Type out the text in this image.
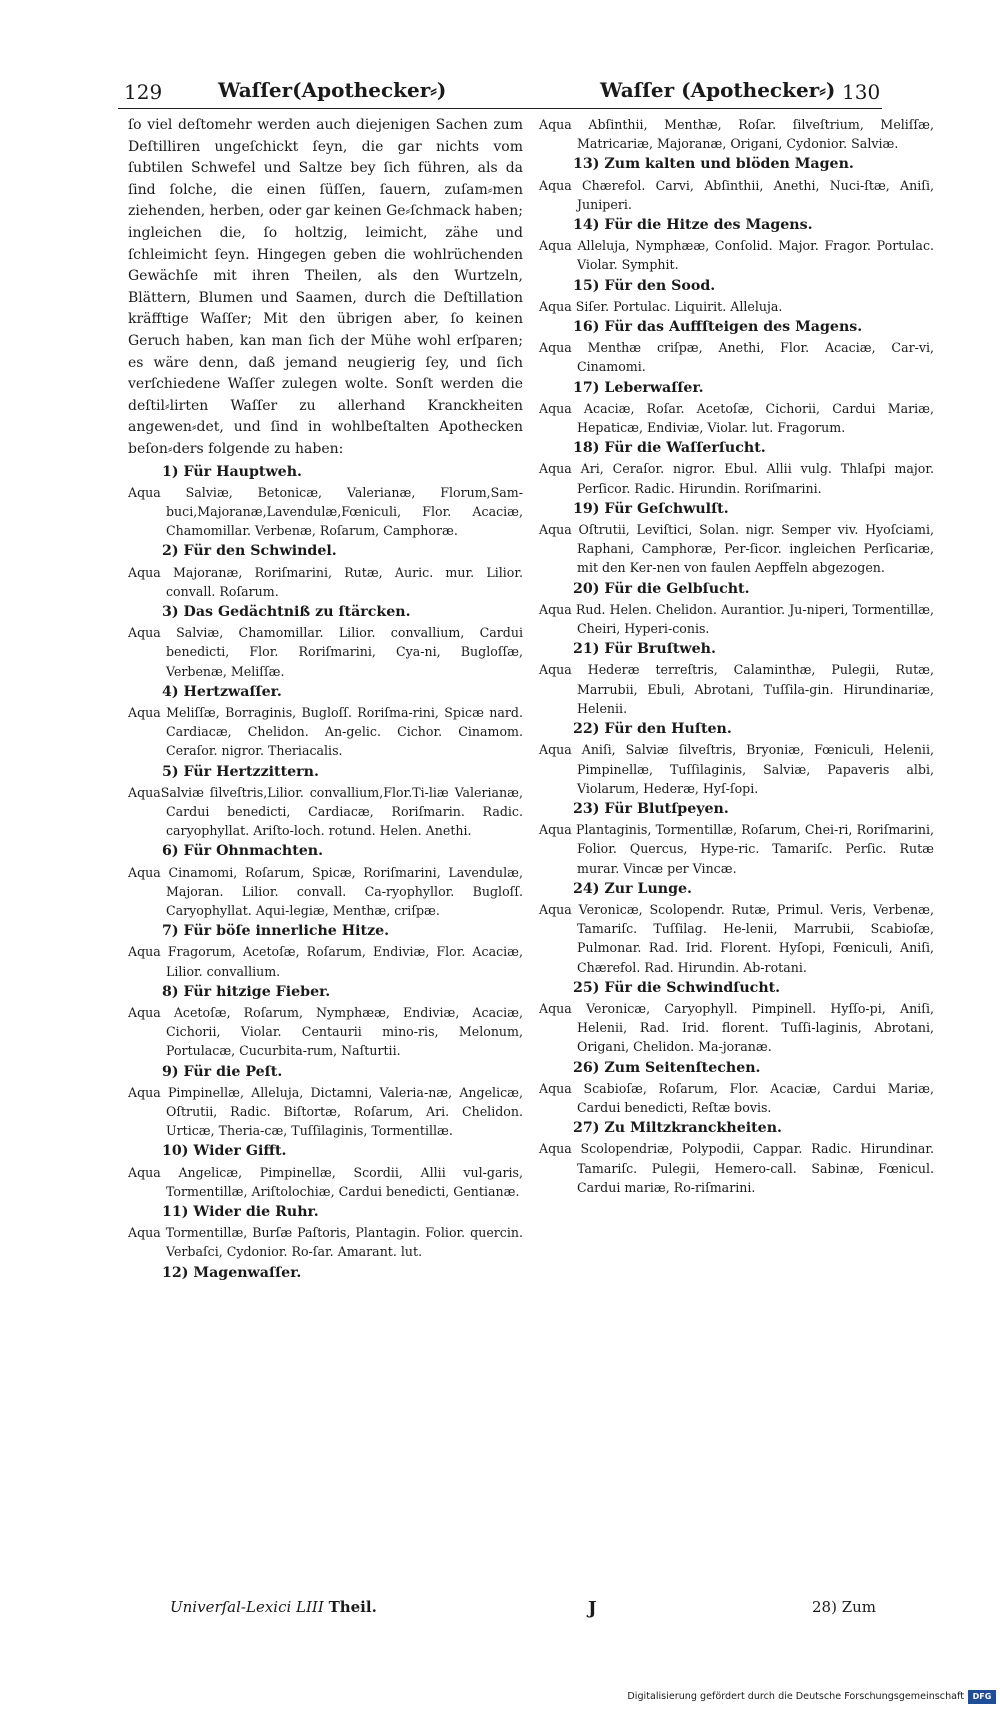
129	Waſſer(Apothecker⸗)	Waſſer (Apothecker⸗) 130

ſo viel deſtomehr werden auch diejenigen Sachen zum Deſtilliren ungeſchickt ſeyn, die gar nichts vom ſubtilen Schwefel und Saltze bey ſich führen, als da ſind ſolche, die einen ſüſſen, ſauern, zuſam⸗men ziehenden, herben, oder gar keinen Ge⸗ſchmack haben; ingleichen die, ſo holtzig, leimicht, zähe und ſchleimicht ſeyn. Hingegen geben die wohlrüchenden Gewächſe mit ihren Theilen, als den Wurtzeln, Blättern, Blumen und Saamen, durch die Deſtillation kräfftige Waſſer; Mit den übrigen aber, ſo keinen Geruch haben, kan man ſich der Mühe wohl erſparen; es wäre denn, daß jemand neugierig ſey, und ſich verſchiedene Waſſer zulegen wolte. Sonſt werden die deſtil⸗lirten Waſſer zu allerhand Kranckheiten angewen⸗det, und ſind in wohlbeſtalten Apothecken beſon⸗ders folgende zu haben:

1) Für Hauptweh.
Aqua Salviæ, Betonicæ, Valerianæ, Florum,Sam-buci,Majoranæ,Lavendulæ,Fœniculi, Flor. Acaciæ, Chamomillar. Verbenæ, Roſarum, Camphoræ.
2) Für den Schwindel.
Aqua Majoranæ, Roriſmarini, Rutæ, Auric. mur. Lilior. convall. Roſarum.
3) Das Gedächtniß zu ſtärcken.
Aqua Salviæ, Chamomillar. Lilior. convallium, Cardui benedicti, Flor. Roriſmarini, Cya-ni, Bugloſſæ, Verbenæ, Meliſſæ.
4) Hertzwaſſer.
Aqua Meliſſæ, Borraginis, Bugloſſ. Roriſma-rini, Spicæ nard. Cardiacæ, Chelidon. An-gelic. Cichor. Cinamom. Ceraſor. nigror. Theriacalis.
5) Für Hertzzittern.
AquaSalviæ ſilveſtris,Lilior. convallium,Flor.Ti-liæ Valerianæ, Cardui benedicti, Cardiacæ, Roriſmarin. Radic. caryophyllat. Ariſto-loch. rotund. Helen. Anethi.
6) Für Ohnmachten.
Aqua Cinamomi, Roſarum, Spicæ, Roriſmarini, Lavendulæ, Majoran. Lilior. convall. Ca-ryophyllor. Bugloſſ. Caryophyllat. Aqui-legiæ, Menthæ, criſpæ.
7) Für böſe innerliche Hitze.
Aqua Fragorum, Acetoſæ, Roſarum, Endiviæ, Flor. Acaciæ, Lilior. convallium.
8) Für hitzige Fieber.
Aqua Acetoſæ, Roſarum, Nymphææ, Endiviæ, Acaciæ, Cichorii, Violar. Centaurii mino-ris, Melonum, Portulacæ, Cucurbita-rum, Naſturtii.
9) Für die Peſt.
Aqua Pimpinellæ, Alleluja, Dictamni, Valeria-næ, Angelicæ, Oſtrutii, Radic. Biſtortæ, Roſarum, Ari. Chelidon. Urticæ, Theria-cæ, Tuſſilaginis, Tormentillæ.
10) Wider Gifft.
Aqua Angelicæ, Pimpinellæ, Scordii, Allii vul-garis, Tormentillæ, Ariſtolochiæ, Cardui benedicti, Gentianæ.
11) Wider die Ruhr.
Aqua Tormentillæ, Burſæ Paſtoris, Plantagin. Folior. quercin. Verbaſci, Cydonior. Ro-ſar. Amarant. lut.
12) Magenwaſſer.
Aqua Abſinthii, Menthæ, Roſar. ſilveſtrium, Meliſſæ, Matricariæ, Majoranæ, Origani, Cydonior. Salviæ.
13) Zum kalten und blöden Magen.
Aqua Chærefol. Carvi, Abſinthii, Anethi, Nuci-ſtæ, Aniſi, Juniperi.
14) Für die Hitze des Magens.
Aqua Alleluja, Nymphææ, Conſolid. Major. Fragor. Portulac. Violar. Symphit.
15) Für den Sood.
Aqua Siſer. Portulac. Liquirit. Alleluja.
16) Für das Auffſteigen des Magens.
Aqua Menthæ criſpæ, Anethi, Flor. Acaciæ, Car-vi, Cinamomi.
17) Leberwaſſer.
Aqua Acaciæ, Roſar. Acetoſæ, Cichorii, Cardui Mariæ, Hepaticæ, Endiviæ, Violar. lut. Fragorum.
18) Für die Waſſerſucht.
Aqua Ari, Ceraſor. nigror. Ebul. Allii vulg. Thlaſpi major. Perſicor. Radic. Hirundin. Roriſmarini.
19) Für Geſchwulſt.
Aqua Oſtrutii, Leviſtici, Solan. nigr. Semper viv. Hyoſciami, Raphani, Camphoræ, Per-ſicor. ingleichen Perſicariæ, mit den Ker-nen von faulen Aepffeln abgezogen.
20) Für die Gelbſucht.
Aqua Rud. Helen. Chelidon. Aurantior. Ju-niperi, Tormentillæ, Cheiri, Hyperi-conis.
21) Für Bruſtweh.
Aqua Hederæ terreſtris, Calaminthæ, Pulegii, Rutæ, Marrubii, Ebuli, Abrotani, Tuſſila-gin. Hirundinariæ, Helenii.
22) Für den Huſten.
Aqua Aniſi, Salviæ ſilveſtris, Bryoniæ, Fœniculi, Helenii, Pimpinellæ, Tuſſilaginis, Salviæ, Papaveris albi, Violarum, Hederæ, Hyſ-ſopi.
23) Für Blutſpeyen.
Aqua Plantaginis, Tormentillæ, Roſarum, Chei-ri, Roriſmarini, Folior. Quercus, Hype-ric. Tamariſc. Perſic. Rutæ murar. Vincæ per Vincæ.
24) Zur Lunge.
Aqua Veronicæ, Scolopendr. Rutæ, Primul. Veris, Verbenæ, Tamariſc. Tuſſilag. He-lenii, Marrubii, Scabioſæ, Pulmonar. Rad. Irid. Florent. Hyſopi, Fœniculi, Aniſi, Chærefol. Rad. Hirundin. Ab-rotani.
25) Für die Schwindſucht.
Aqua Veronicæ, Caryophyll. Pimpinell. Hyſſo-pi, Aniſi, Helenii, Rad. Irid. florent. Tuſſi-laginis, Abrotani, Origani, Chelidon. Ma-joranæ.
26) Zum Seitenſtechen.
Aqua Scabioſæ, Roſarum, Flor. Acaciæ, Cardui Mariæ, Cardui benedicti, Reſtæ bovis.
27) Zu Miltzkranckheiten.
Aqua Scolopendriæ, Polypodii, Cappar. Radic. Hirundinar. Tamariſc. Pulegii, Hemero-call. Sabinæ, Fœnicul. Cardui mariæ, Ro-riſmarini.
Univerſal-Lexici LIII Theil.	J	28) Zum
Digitalisierung gefördert durch die Deutsche Forschungsgemeinschaft	DFG
